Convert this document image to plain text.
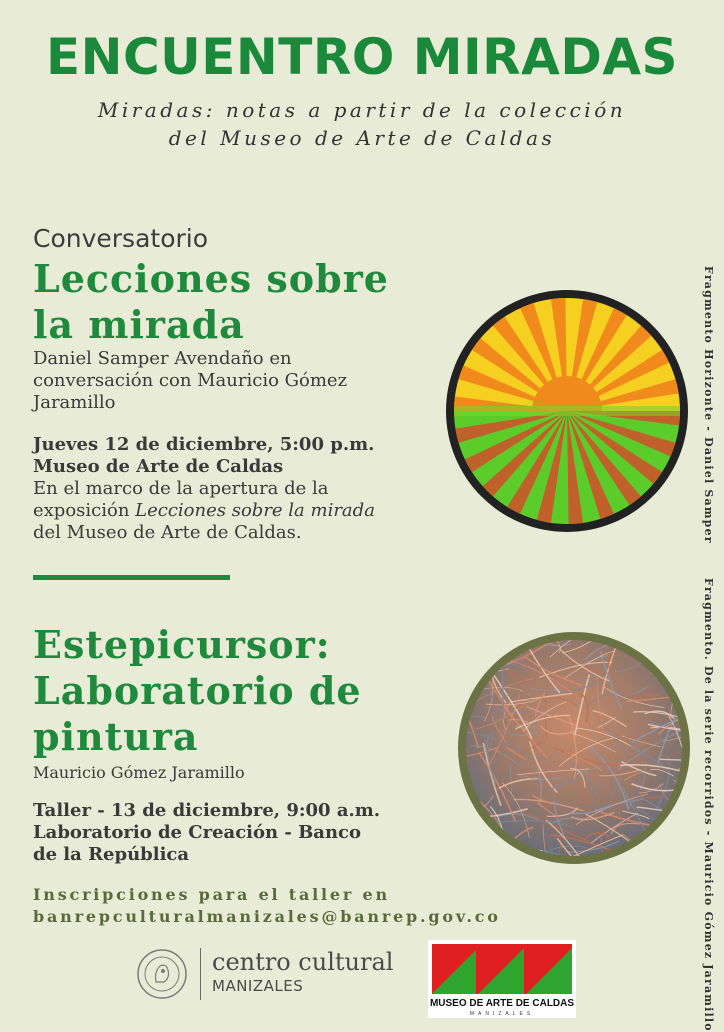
ENCUENTRO MIRADAS
Miradas: notas a partir de la colección
del Museo de Arte de Caldas
Conversatorio
Lecciones sobre
la mirada
Daniel Samper Avendaño en
conversación con Mauricio Gómez
Jaramillo
Jueves 12 de diciembre, 5:00 p.m.
Museo de Arte de Caldas
En el marco de la apertura de la
exposición Lecciones sobre la mirada
del Museo de Arte de Caldas.	Fragmento Horizonte - Daniel Samper
Estepicursor:
Laboratorio de
pintura
Mauricio Gómez Jaramillo
Taller - 13 de diciembre, 9:00 a.m.
Laboratorio de Creación - Banco
de la República	Fragmento. De la serie recorridos - Mauricio Gómez Jaramillo
Inscripciones para el taller en
banrepculturalmanizales@banrep.gov.co
centro cultural
MANIZALES
MUSEO DE ARTE DE CALDAS
MANIZALES
